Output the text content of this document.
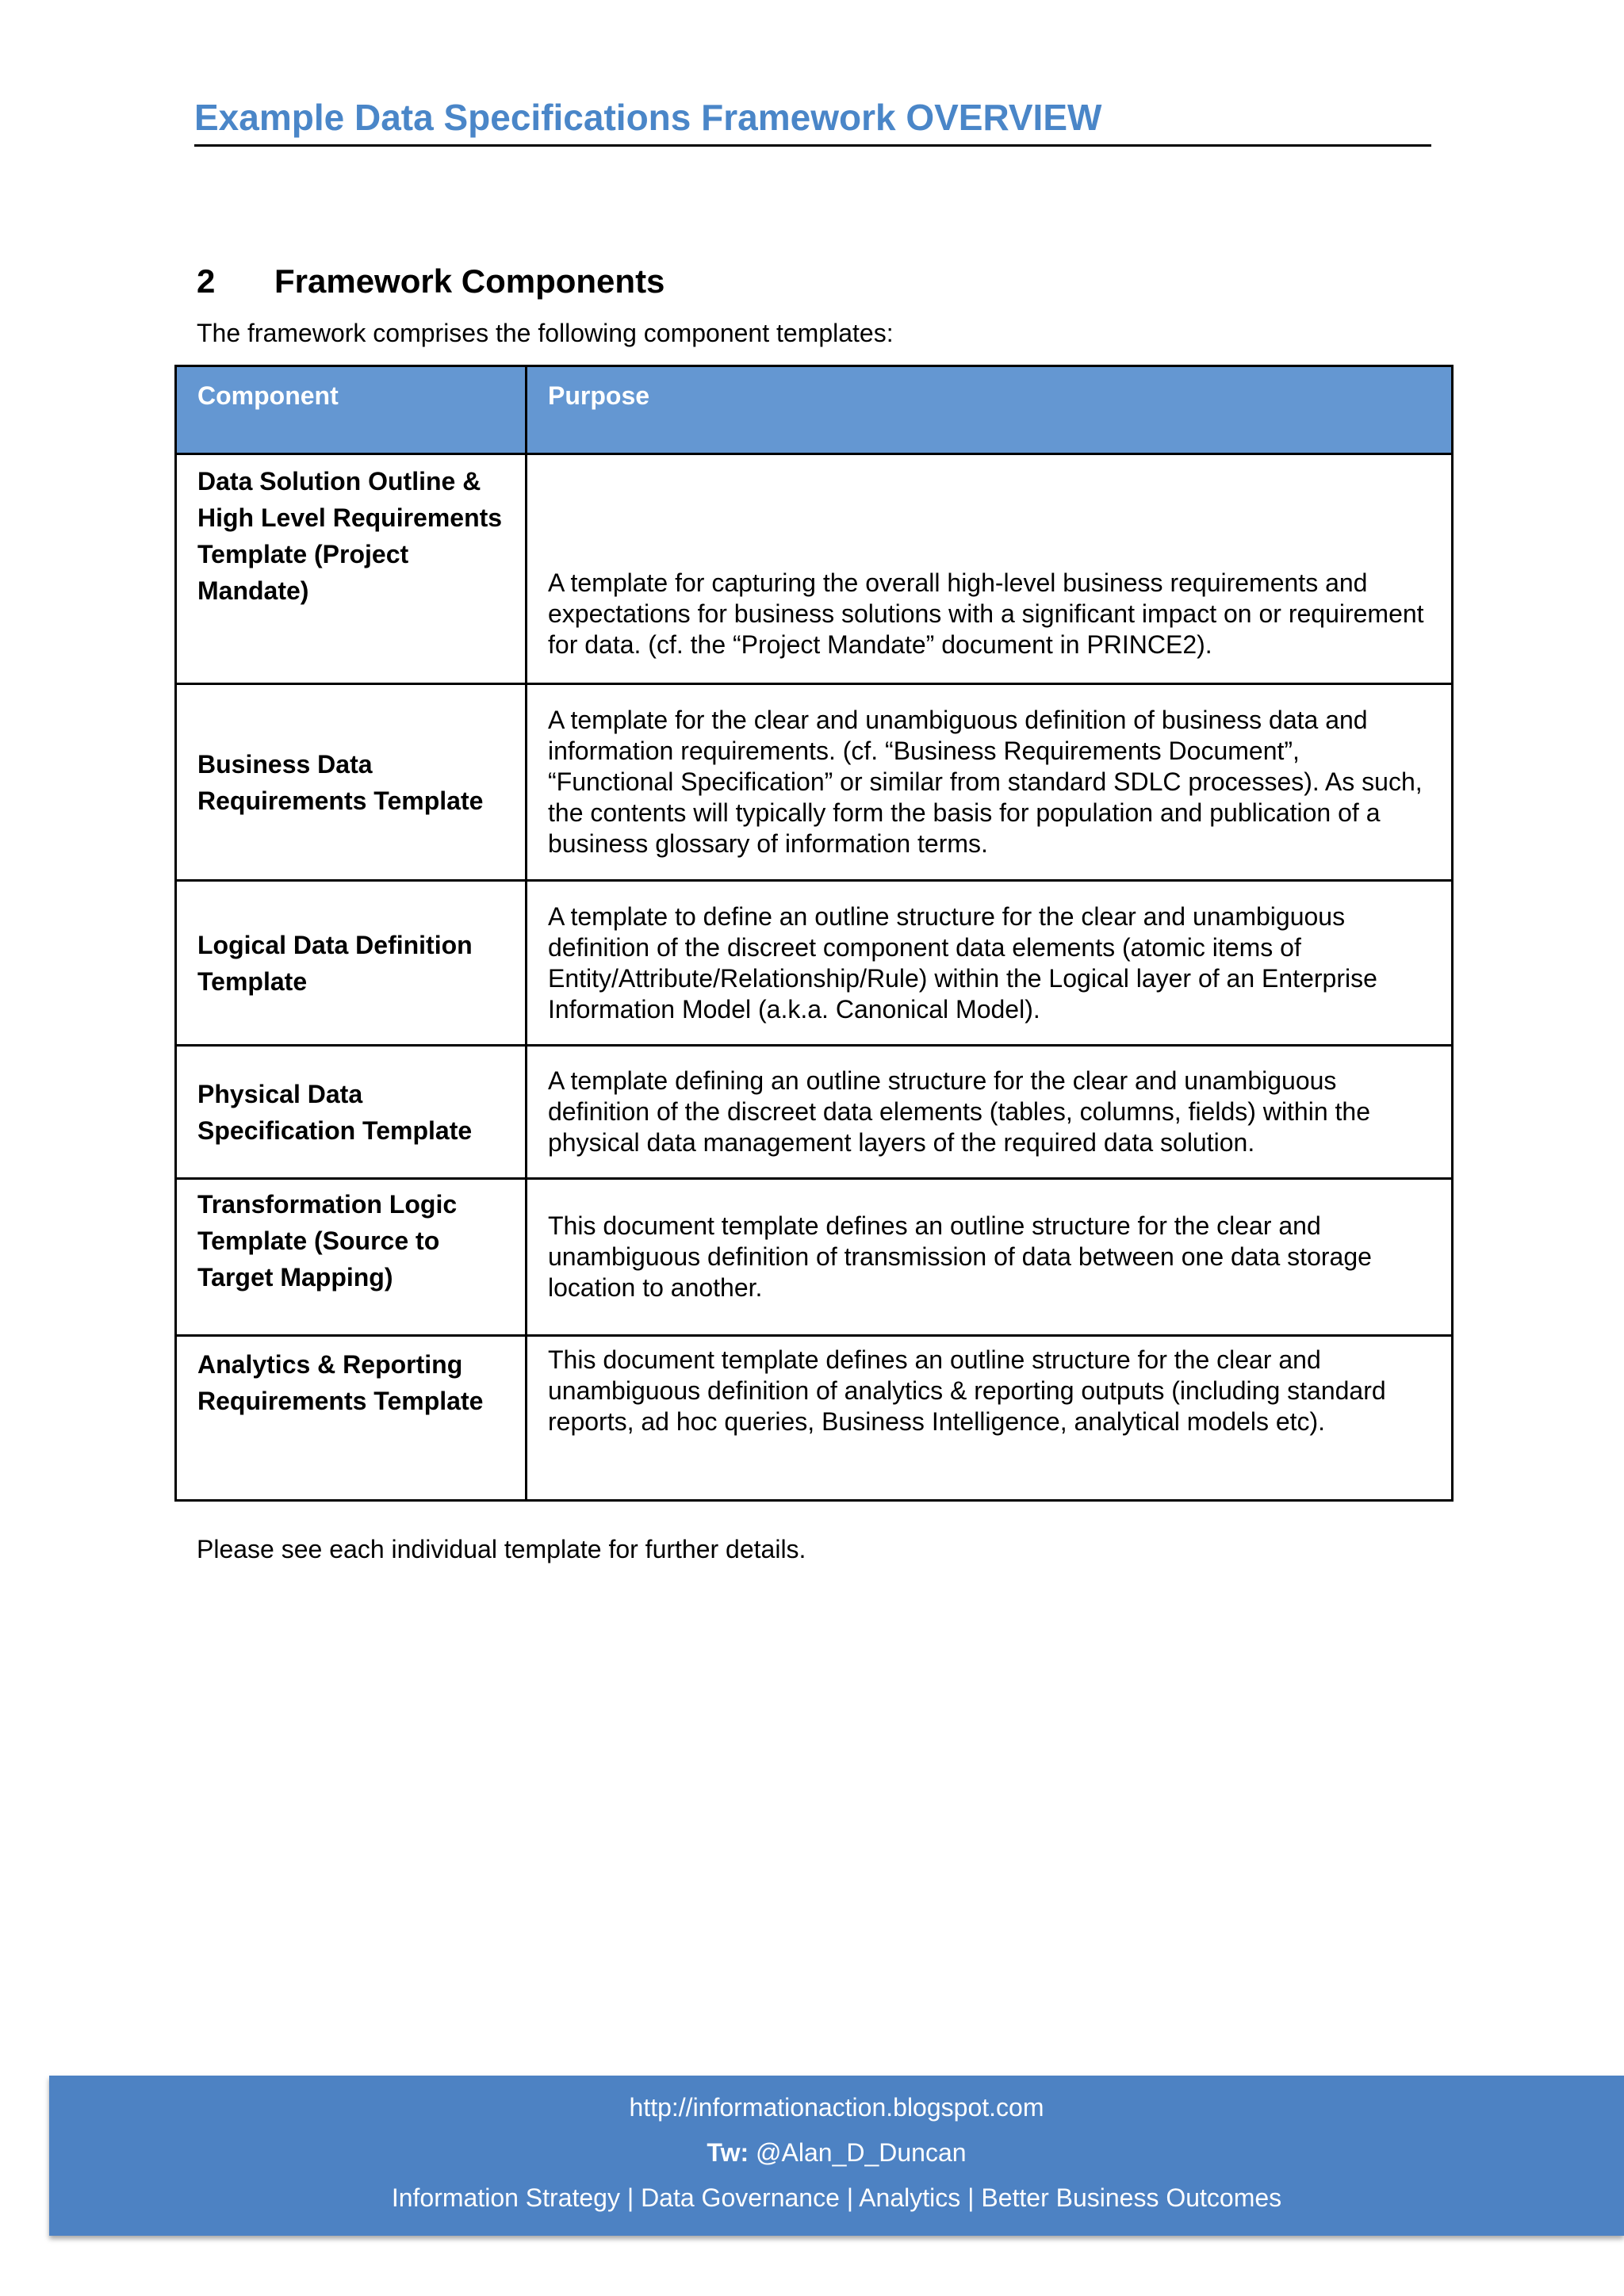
Example Data Specifications Framework OVERVIEW
2	Framework Components

The framework comprises the following component templates:

Component	Purpose
Data Solution Outline & High Level Requirements Template (Project Mandate)	A template for capturing the overall high-level business requirements and expectations for business solutions with a significant impact on or requirement for data. (cf. the “Project Mandate” document in PRINCE2).
Business Data Requirements Template	A template for the clear and unambiguous definition of business data and information requirements. (cf. “Business Requirements Document”, “Functional Specification” or similar from standard SDLC processes). As such, the contents will typically form the basis for population and publication of a business glossary of information terms.
Logical Data Definition Template	A template to define an outline structure for the clear and unambiguous definition of the discreet component data elements (atomic items of Entity/Attribute/Relationship/Rule) within the Logical layer of an Enterprise Information Model (a.k.a. Canonical Model).
Physical Data Specification Template	A template defining an outline structure for the clear and unambiguous definition of the discreet data elements (tables, columns, fields) within the physical data management layers of the required data solution.
Transformation Logic Template (Source to Target Mapping)	This document template defines an outline structure for the clear and unambiguous definition of transmission of data between one data storage location to another.
Analytics & Reporting Requirements Template	This document template defines an outline structure for the clear and unambiguous definition of analytics & reporting outputs (including standard reports, ad hoc queries, Business Intelligence, analytical models etc).

Please see each individual template for further details.

http://informationaction.blogspot.com
Tw: @Alan_D_Duncan
Information Strategy | Data Governance | Analytics | Better Business Outcomes
